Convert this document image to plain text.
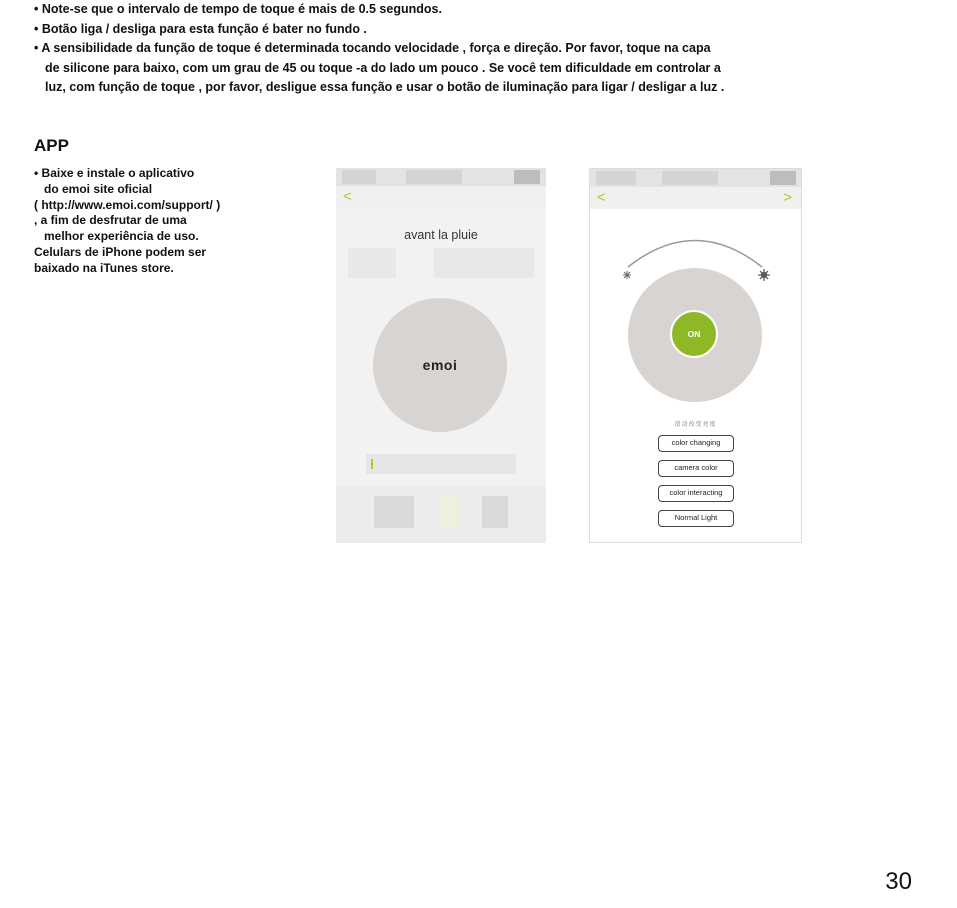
• Note-se que o intervalo de tempo de toque é mais de 0.5 segundos.
• Botão liga / desliga para esta função é bater no fundo .
• A sensibilidade da função de toque é determinada tocando velocidade , força e direção. Por favor, toque na capa
de silicone para baixo, com um grau de 45 ou toque -a do lado um pouco . Se você tem dificuldade em controlar a
luz, com função de toque , por favor, desligue essa função e usar o botão de iluminação para ligar / desligar a luz .
APP
• Baixe e instale o aplicativo
do emoi site oficial
( http://www.emoi.com/support/ )
, a fim de desfrutar de uma
melhor experiência de uso.
Celulars de iPhone podem ser
baixado na iTunes store.
<
avant la pluie
emoi
<	>
ON
滑动改变亮度
color changing
camera color
color interacting
Normal Light
30
